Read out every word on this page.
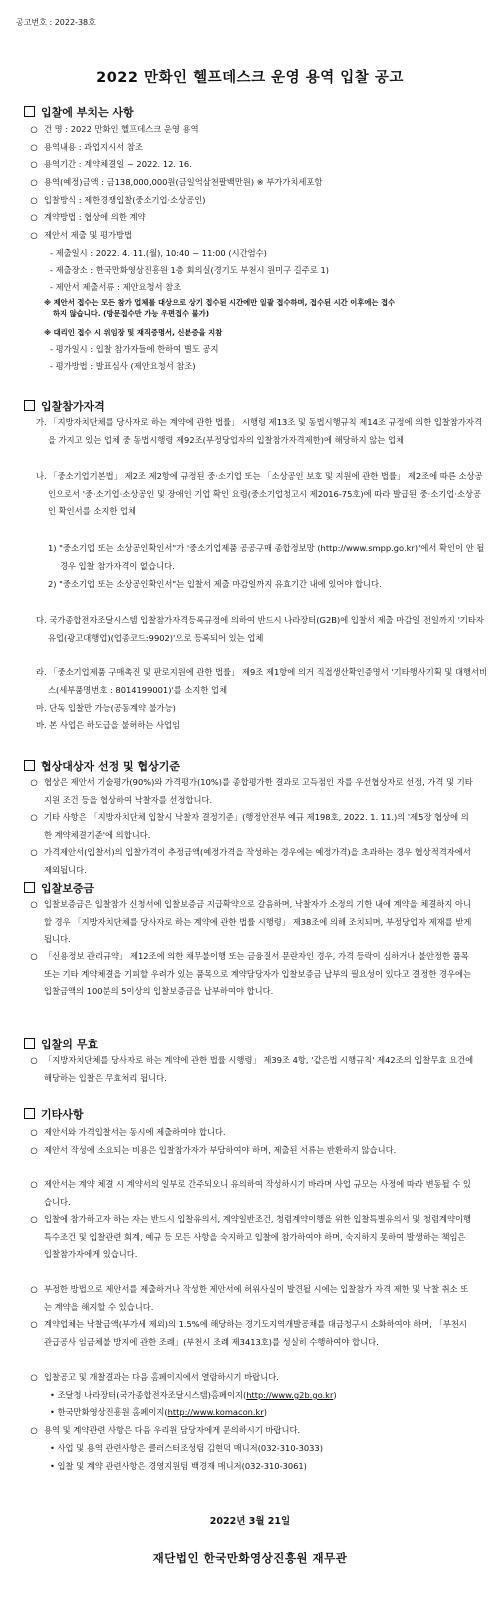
공고번호 : 2022-38호
2022 만화인 헬프데스크 운영 용역 입찰 공고
입찰에 부치는 사항
○ 건 명 : 2022 만화인 헬프데스크 운영 용역
○ 용역내용 : 과업지시서 참조
○ 용역기간 : 계약체결일 ~ 2022. 12. 16.
○ 용역(예정)금액 : 금138,000,000원(금일억삼천팔백만원) ※ 부가가치세포함
○ 입찰방식 : 제한경쟁입찰(중소기업·소상공인)
○ 계약방법 : 협상에 의한 계약
○ 제안서 제출 및 평가방법
- 제출일시 : 2022. 4. 11.(월), 10:40 ~ 11:00 (시간엄수)
- 제출장소 : 한국만화영상진흥원 1층 회의실(경기도 부천시 원미구 길주로 1)
- 제안서 제출서류 : 제안요청서 참조
※ 제안서 접수는 모든 참가 업체를 대상으로 상기 접수된 시간에만 일괄 접수하며, 접수된 시간 이후에는 접수
하지 않습니다. (방문접수만 가능 우편접수 불가)
※ 대리인 접수 시 위임장 및 재직증명서, 신분증을 지참
- 평가일시 : 입찰 참가자들에 한하여 별도 공지
- 평가방법 : 발표심사 (제안요청서 참조)
입찰참가자격
가. 「지방자치단체를 당사자로 하는 계약에 관한 법률」 시행령 제13조 및 동법시행규칙 제14조 규정에 의한 입찰참가자격을 가지고 있는 업체 중 동법시행령 제92조(부정당업자의 입찰참가자격제한)에 해당하지 않는 업체
나. 「중소기업기본법」 제2조 제2항에 규정된 중·소기업 또는 「소상공인 보호 및 지원에 관한 법률」 제2조에 따른 소상공인으로서 '중·소기업·소상공인 및 장애인 기업 확인 요령(중소기업청고시 제2016-75호)에 따라 발급된 중·소기업·소상공인 확인서를 소지한 업체
1) "중소기업 또는 소상공인확인서"가 '중소기업제품 공공구매 종합정보망 (http://www.smpp.go.kr)'에서 확인이 안 될 경우 입찰 참가자격이 없습니다.
2) "중소기업 또는 소상공인확인서"는 입찰서 제출 마감일까지 유효기간 내에 있어야 합니다.
다. 국가종합전자조달시스템 입찰참가자격등록규정에 의하여 반드시 나라장터(G2B)에 입찰서 제출 마감일 전일까지 '기타자유업(광고대행업)(업종코드:9902)'으로 등록되어 있는 업체
라. 「중소기업제품 구매촉진 및 판로지원에 관한 법률」 제9조 제1항에 의거 직접생산확인증명서 '기타행사기획 및 대행서비스(세부품명번호 : 8014199001)'를 소지한 업체
마. 단독 입찰만 가능(공동계약 불가능)
바. 본 사업은 하도급을 불허하는 사업임
협상대상자 선정 및 협상기준
○ 협상은 제안서 기술평가(90%)와 가격평가(10%)를 종합평가한 결과로 고득점인 자를 우선협상자로 선정, 가격 및 기타 지원 조건 등을 협상하여 낙찰자를 선정합니다.
○ 기타 사항은 「지방자치단체 입찰시 낙찰자 결정기준」(행정안전부 예규 제198호, 2022. 1. 11.)의 '제5장 협상에 의한 계약체결기준'에 의합니다.
○ 가격제안서(입찰서)의 입찰가격이 추정금액(예정가격을 작성하는 경우에는 예정가격)을 초과하는 경우 협상적격자에서 제외됩니다.
입찰보증금
○ 입찰보증금은 입찰참가 신청서에 입찰보증금 지급확약으로 갈음하며, 낙찰자가 소정의 기한 내에 계약을 체결하지 아니할 경우 「지방자치단체를 당사자로 하는 계약에 관한 법률 시행령」 제38조에 의해 조치되며, 부정당업자 제재를 받게 됩니다.
○ 「신용정보 관리규약」 제12조에 의한 채무불이행 또는 금융질서 문란자인 경우, 가격 등락이 심하거나 불안정한 품목 또는 기타 계약체결을 기피할 우려가 있는 품목으로 계약담당자가 입찰보증금 납부의 필요성이 있다고 결정한 경우에는 입찰금액의 100분의 5이상의 입찰보증금을 납부하여야 합니다.
입찰의 무효
○ 「지방자치단체를 당사자로 하는 계약에 관한 법률 시행령」 제39조 4항, '같은법 시행규칙' 제42조의 입찰무효 요건에 해당하는 입찰은 무효처리 됩니다.
기타사항
○ 제안서와 가격입찰서는 동시에 제출하여야 합니다.
○ 제안서 작성에 소요되는 비용은 입찰참가자가 부담하여야 하며, 제출된 서류는 반환하지 않습니다.
○ 제안서는 계약 체결 시 계약서의 일부로 간주되오니 유의하여 작성하시기 바라며 사업 규모는 사정에 따라 변동될 수 있습니다.
○ 입찰에 참가하고자 하는 자는 반드시 입찰유의서, 계약일반조건, 청렴계약이행을 위한 입찰특별유의서 및 청렴계약이행 특수조건 및 입찰관련 회계, 예규 등 모든 사항을 숙지하고 입찰에 참가하여야 하며, 숙지하지 못하여 발생하는 책임은 입찰참가자에게 있습니다.
○ 부정한 방법으로 제안서를 제출하거나 작성한 제안서에 허위사실이 발견될 시에는 입찰참가 자격 제한 및 낙찰 취소 또는 계약을 해지할 수 있습니다.
○ 계약업체는 낙찰금액(부가세 제외)의 1.5%에 해당하는 경기도지역개발공채를 대금청구시 소화하여야 하며, 「부천시 관급공사 임금체불 방지에 관한 조례」(부천시 조례 제3413호)를 성실히 수행하여야 합니다.
○ 입찰공고 및 개찰결과는 다음 홈페이지에서 열람하시기 바랍니다.
• 조달청 나라장터(국가종합전자조달시스템)홈페이지(http://www.g2b.go.kr)
• 한국만화영상진흥원 홈페이지(http://www.komacon.kr)
○ 용역 및 계약관련 사항은 다음 우리원 담당자에게 문의하시기 바랍니다.
• 사업 및 용역 관련사항은 클러스터조성팀 김현덕 매니저(032-310-3033)
• 입찰 및 계약 관련사항은 경영지원팀 백경재 매니저(032-310-3061)
2022년 3월 21일
재단법인 한국만화영상진흥원 재무관
